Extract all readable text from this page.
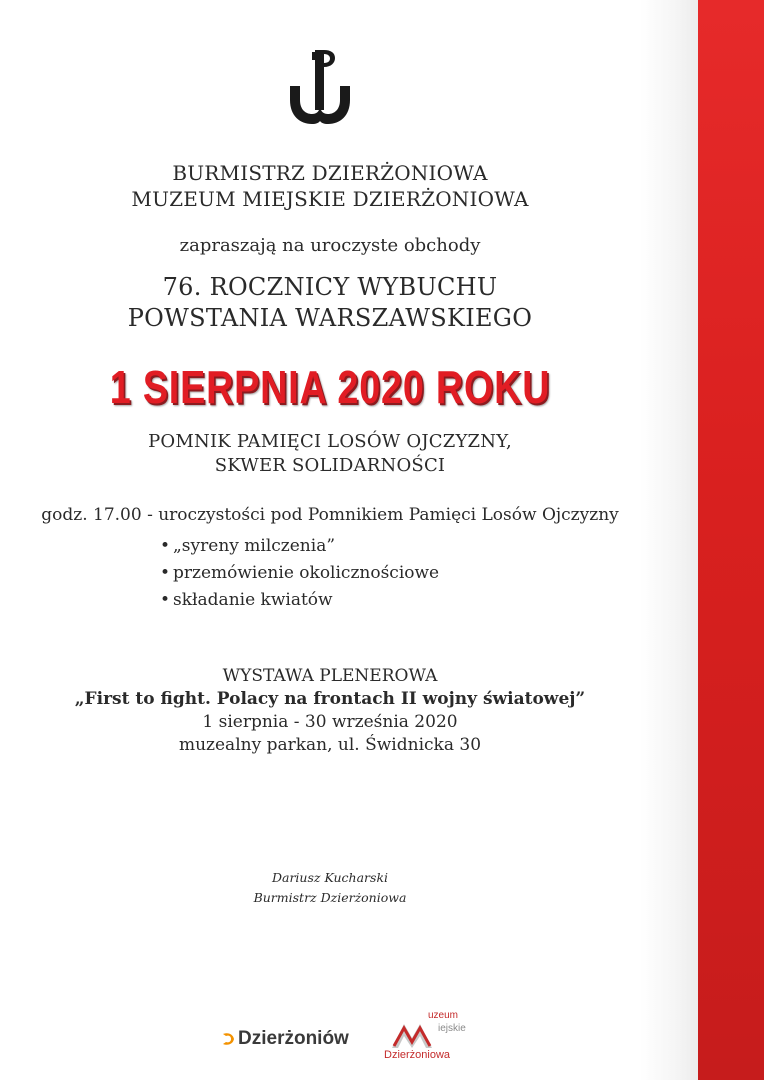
BURMISTRZ DZIERŻONIOWA
MUZEUM MIEJSKIE DZIERŻONIOWA
zapraszają na uroczyste obchody
76. ROCZNICY WYBUCHU
POWSTANIA WARSZAWSKIEGO
1 SIERPNIA 2020 ROKU
POMNIK PAMIĘCI LOSÓW OJCZYZNY,
SKWER SOLIDARNOŚCI
godz. 17.00 - uroczystości pod Pomnikiem Pamięci Losów Ojczyzny
• „syreny milczenia”
• przemówienie okolicznościowe
• składanie kwiatów
WYSTAWA PLENEROWA
„First to fight. Polacy na frontach II wojny światowej”
1 sierpnia - 30 września 2020
muzealny parkan, ul. Świdnicka 30
Dariusz Kucharski
Burmistrz Dzierżoniowa
Dzierżoniów
uzeum
iejskie
Dzierżoniowa
